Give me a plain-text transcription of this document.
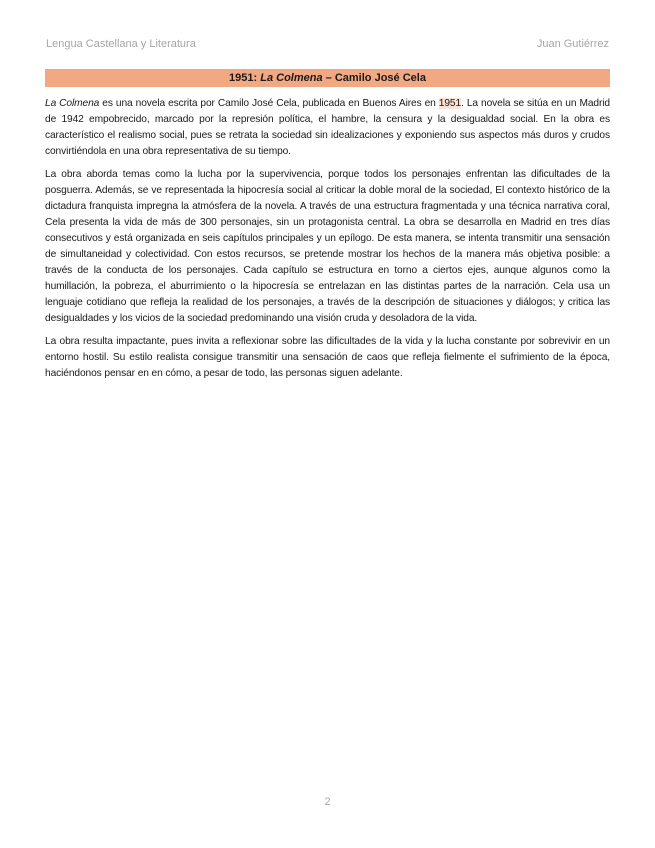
Lengua Castellana y Literatura	Juan Gutiérrez
1951: La Colmena – Camilo José Cela

La Colmena es una novela escrita por Camilo José Cela, publicada en Buenos Aires en 1951. La novela se sitúa en un Madrid de 1942 empobrecido, marcado por la represión política, el hambre, la censura y la desigualdad social. En la obra es característico el realismo social, pues se retrata la sociedad sin idealizaciones y exponiendo sus aspectos más duros y crudos convirtiéndola en una obra representativa de su tiempo.

La obra aborda temas como la lucha por la supervivencia, porque todos los personajes enfrentan las dificultades de la posguerra. Además, se ve representada la hipocresía social al criticar la doble moral de la sociedad, El contexto histórico de la dictadura franquista impregna la atmósfera de la novela. A través de una estructura fragmentada y una técnica narrativa coral, Cela presenta la vida de más de 300 personajes, sin un protagonista central. La obra se desarrolla en Madrid en tres días consecutivos y está organizada en seis capítulos principales y un epílogo. De esta manera, se intenta transmitir una sensación de simultaneidad y colectividad. Con estos recursos, se pretende mostrar los hechos de la manera más objetiva posible: a través de la conducta de los personajes. Cada capítulo se estructura en torno a ciertos ejes, aunque algunos como la humillación, la pobreza, el aburrimiento o la hipocresía se entrelazan en las distintas partes de la narración. Cela usa un lenguaje cotidiano que refleja la realidad de los personajes, a través de la descripción de situaciones y diálogos; y critica las desigualdades y los vicios de la sociedad predominando una visión cruda y desoladora de la vida.

La obra resulta impactante, pues invita a reflexionar sobre las dificultades de la vida y la lucha constante por sobrevivir en un entorno hostil. Su estilo realista consigue transmitir una sensación de caos que refleja fielmente el sufrimiento de la época, haciéndonos pensar en en cómo, a pesar de todo, las personas siguen adelante.

2
